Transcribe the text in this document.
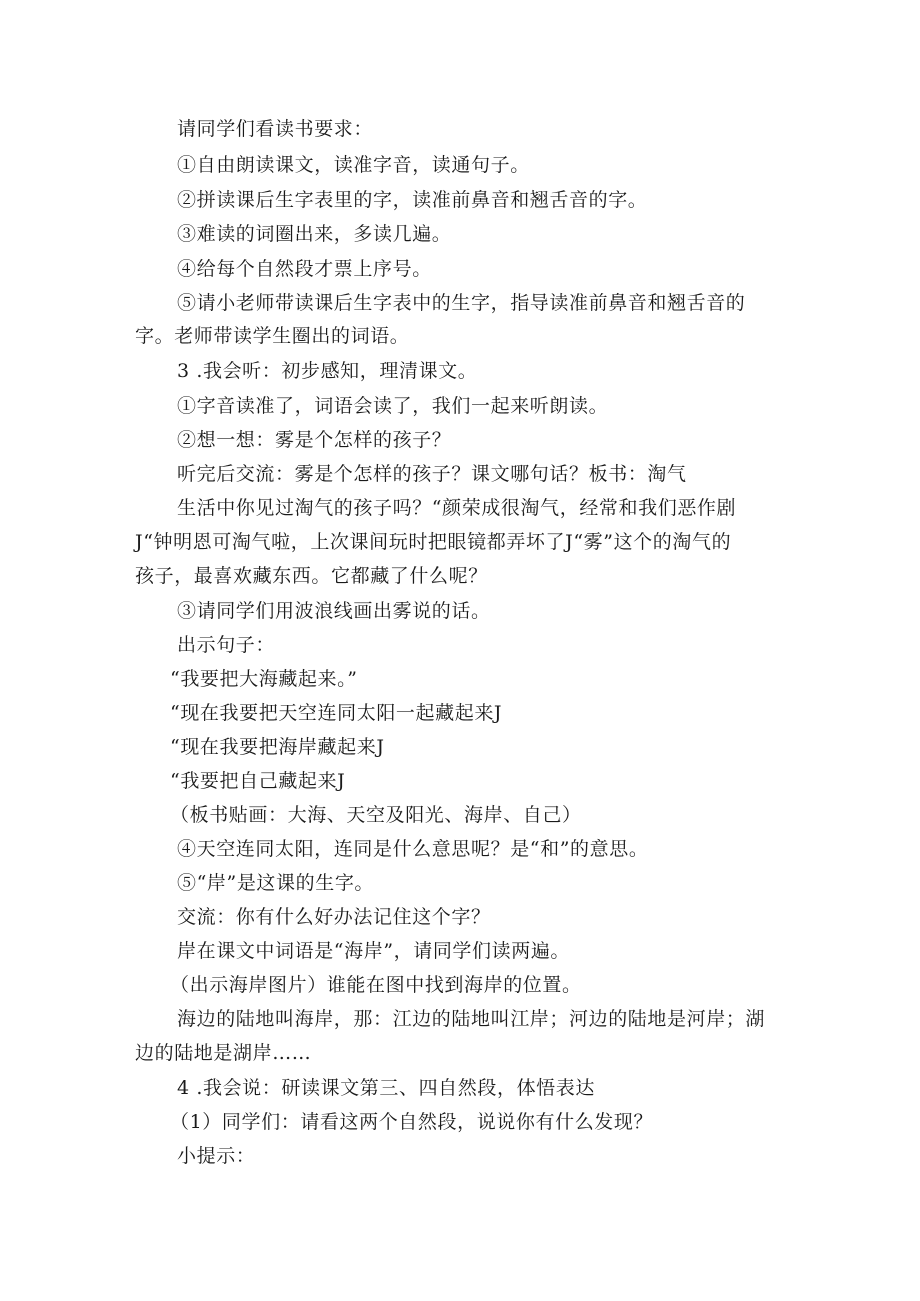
请同学们看读书要求：
①自由朗读课文，读准字音，读通句子。
②拼读课后生字表里的字，读准前鼻音和翘舌音的字。
③难读的词圈出来，多读几遍。
④给每个自然段才票上序号。
⑤请小老师带读课后生字表中的生字，指导读准前鼻音和翘舌音的
字。老师带读学生圈出的词语。
3 .我会听：初步感知，理清课文。
①字音读准了，词语会读了，我们一起来听朗读。
②想一想：雾是个怎样的孩子？
听完后交流：雾是个怎样的孩子？课文哪句话？板书：淘气
生活中你见过淘气的孩子吗？“颜荣成很淘气，经常和我们恶作剧
J“钟明恩可淘气啦，上次课间玩时把眼镜都弄坏了J“雾”这个的淘气的
孩子，最喜欢藏东西。它都藏了什么呢？
③请同学们用波浪线画出雾说的话。
出示句子：
“我要把大海藏起来。”
“现在我要把天空连同太阳一起藏起来J
“现在我要把海岸藏起来J
“我要把自己藏起来J
（板书贴画：大海、天空及阳光、海岸、自己）
④天空连同太阳，连同是什么意思呢？是“和”的意思。
⑤“岸”是这课的生字。
交流：你有什么好办法记住这个字？
岸在课文中词语是“海岸”，请同学们读两遍。
（出示海岸图片）谁能在图中找到海岸的位置。
海边的陆地叫海岸，那：江边的陆地叫江岸；河边的陆地是河岸；湖
边的陆地是湖岸……
4 .我会说：研读课文第三、四自然段，体悟表达
（1）同学们：请看这两个自然段，说说你有什么发现？
小提示：
